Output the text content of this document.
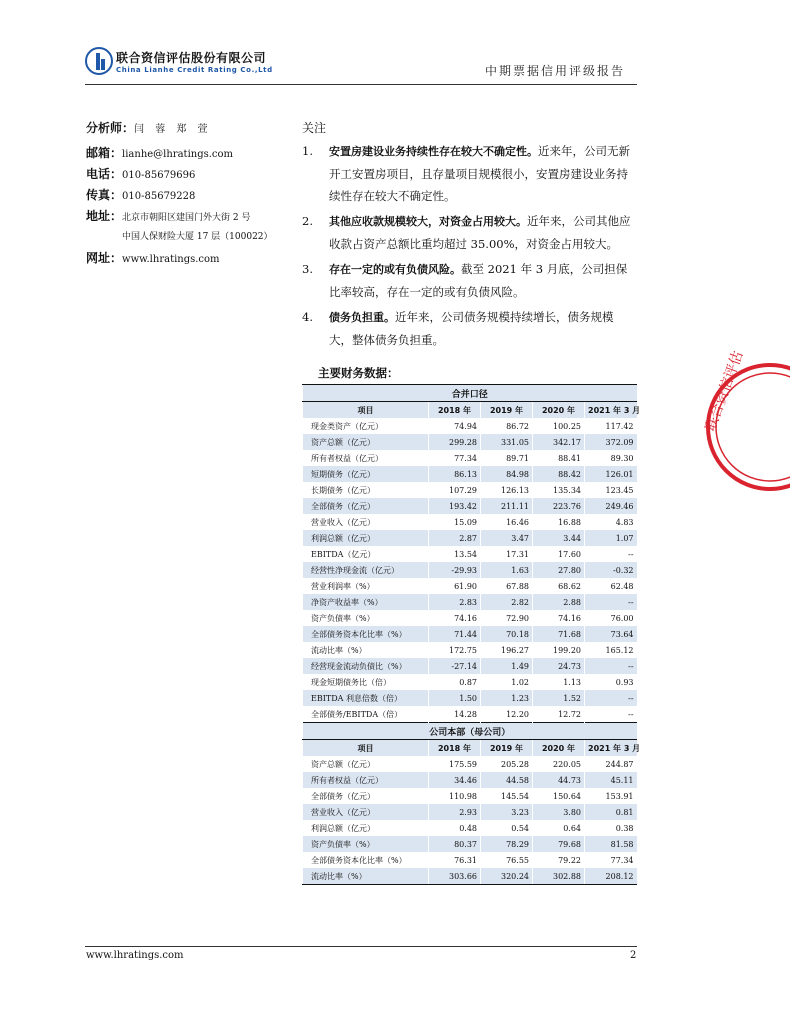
联合资信评估股份有限公司
China Lianhe Credit Rating Co.,Ltd	中期票据信用评级报告
分析师：闫 蓉 郑 萱
邮箱：lianhe@lhratings.com
电话：010-85679696
传真：010-85679228
地址：北京市朝阳区建国门外大街 2 号
中国人保财险大厦 17 层（100022）
网址：www.lhratings.com
关注
1. 安置房建设业务持续性存在较大不确定性。近来年，公司无新开工安置房项目，且存量项目规模很小，安置房建设业务持续性存在较大不确定性。
2. 其他应收款规模较大，对资金占用较大。近年来，公司其他应收款占资产总额比重均超过 35.00%，对资金占用较大。
3. 存在一定的或有负债风险。截至 2021 年 3 月底，公司担保比率较高，存在一定的或有负债风险。
4. 债务负担重。近年来，公司债务规模持续增长，债务规模大，整体债务负担重。
主要财务数据：
合并口径				
项目	2018 年	2019 年	2020 年	2021 年 3 月
现金类资产（亿元）	74.94	86.72	100.25	117.42
资产总额（亿元）	299.28	331.05	342.17	372.09
所有者权益（亿元）	77.34	89.71	88.41	89.30
短期债务（亿元）	86.13	84.98	88.42	126.01
长期债务（亿元）	107.29	126.13	135.34	123.45
全部债务（亿元）	193.42	211.11	223.76	249.46
营业收入（亿元）	15.09	16.46	16.88	4.83
利润总额（亿元）	2.87	3.47	3.44	1.07
EBITDA（亿元）	13.54	17.31	17.60	--
经营性净现金流（亿元）	-29.93	1.63	27.80	-0.32
营业利润率（%）	61.90	67.88	68.62	62.48
净资产收益率（%）	2.83	2.82	2.88	--
资产负债率（%）	74.16	72.90	74.16	76.00
全部债务资本化比率（%）	71.44	70.18	71.68	73.64
流动比率（%）	172.75	196.27	199.20	165.12
经营现金流动负债比（%）	-27.14	1.49	24.73	--
现金短期债务比（倍）	0.87	1.02	1.13	0.93
EBITDA 利息倍数（倍）	1.50	1.23	1.52	--
全部债务/EBITDA（倍）	14.28	12.20	12.72	--
公司本部（母公司）				
项目	2018 年	2019 年	2020 年	2021 年 3 月
资产总额（亿元）	175.59	205.28	220.05	244.87
所有者权益（亿元）	34.46	44.58	44.73	45.11
全部债务（亿元）	110.98	145.54	150.64	153.91
营业收入（亿元）	2.93	3.23	3.80	0.81
利润总额（亿元）	0.48	0.54	0.64	0.38
资产负债率（%）	80.37	78.29	79.68	81.58
全部债务资本化比率（%）	76.31	76.55	79.22	77.34
流动比率（%）	303.66	320.24	302.88	208.12
联合资信评估
www.lhratings.com	2
